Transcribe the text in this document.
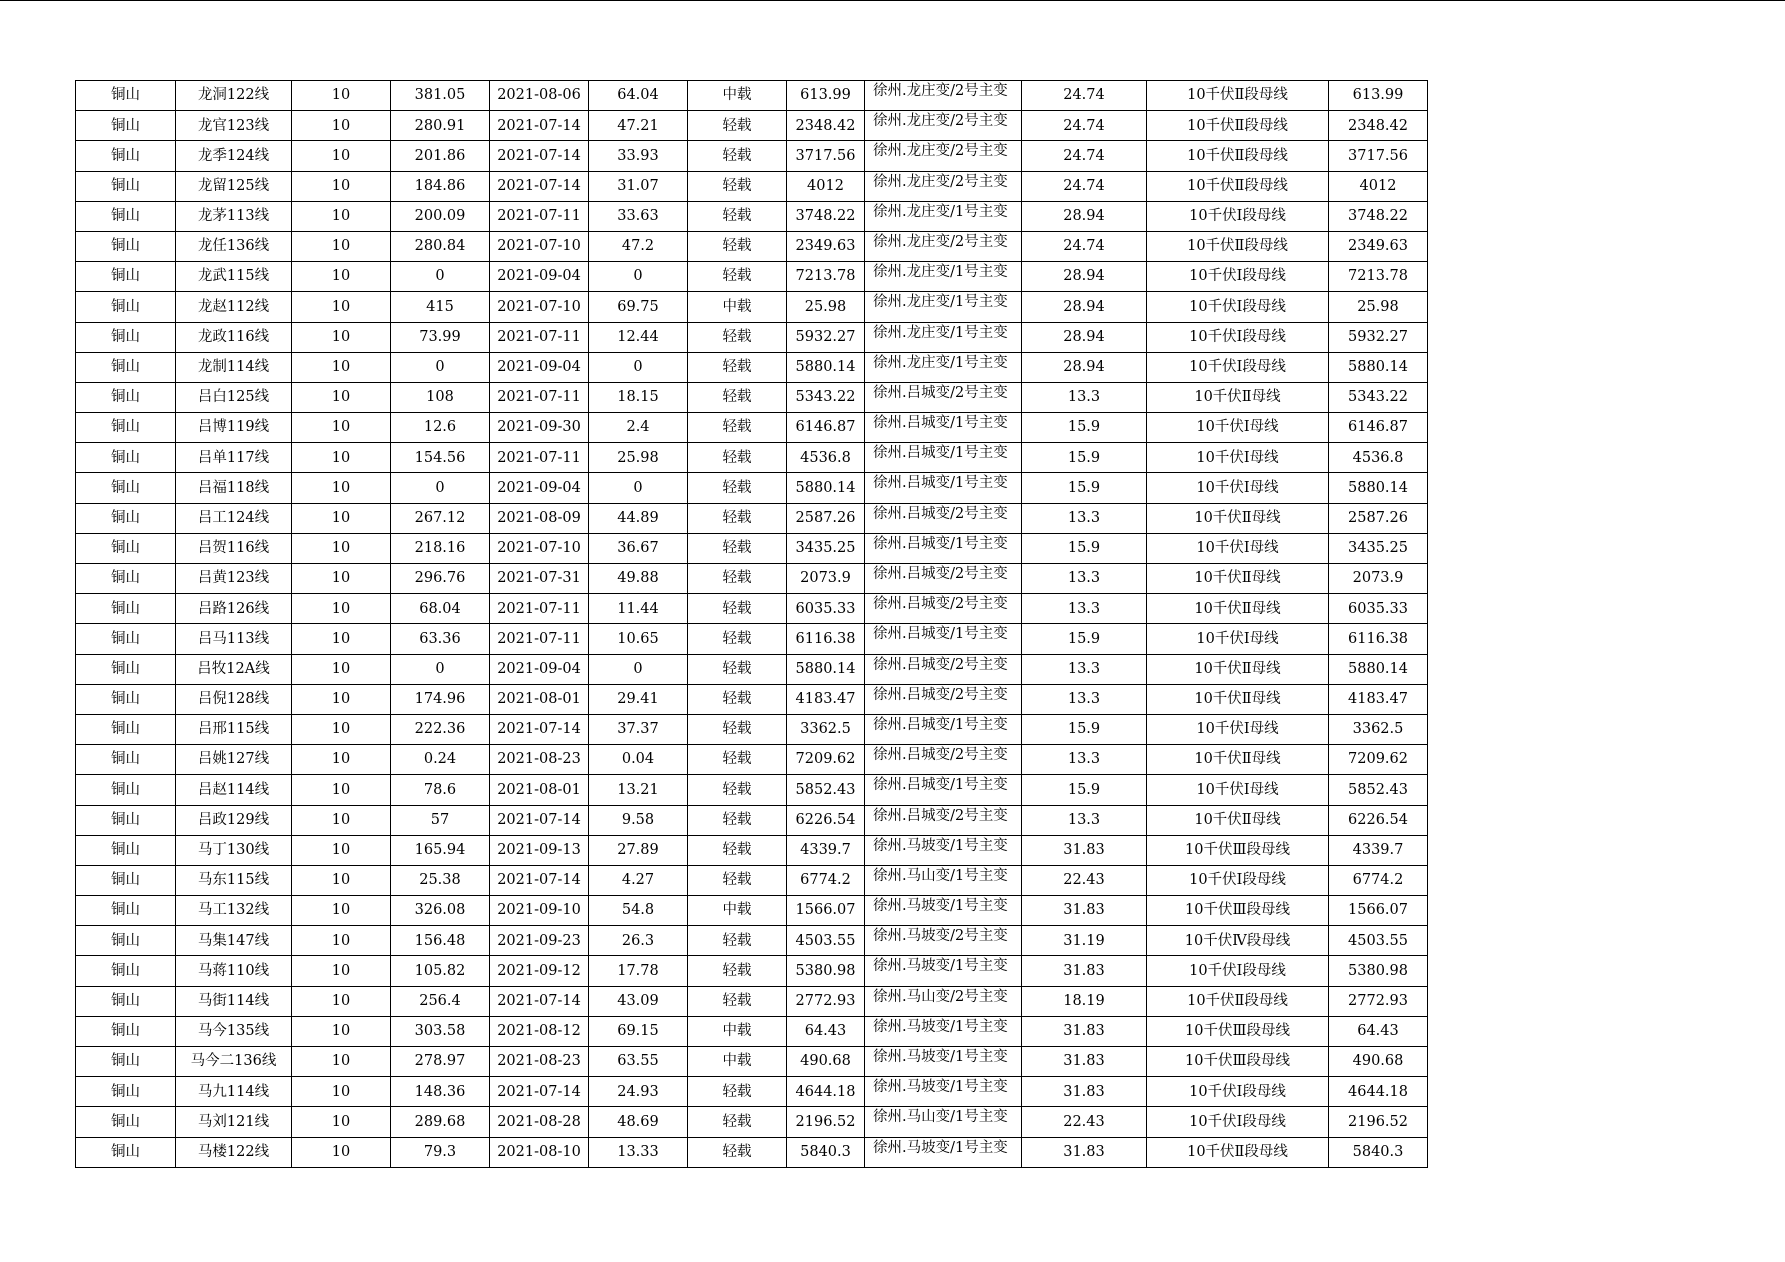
铜山	龙洞122线	10	381.05	2021-08-06	64.04	中载	613.99	徐州.龙庄变/2号主变	24.74	10千伏Ⅱ段母线	613.99
铜山	龙官123线	10	280.91	2021-07-14	47.21	轻载	2348.42	徐州.龙庄变/2号主变	24.74	10千伏Ⅱ段母线	2348.42
铜山	龙季124线	10	201.86	2021-07-14	33.93	轻载	3717.56	徐州.龙庄变/2号主变	24.74	10千伏Ⅱ段母线	3717.56
铜山	龙留125线	10	184.86	2021-07-14	31.07	轻载	4012	徐州.龙庄变/2号主变	24.74	10千伏Ⅱ段母线	4012
铜山	龙茅113线	10	200.09	2021-07-11	33.63	轻载	3748.22	徐州.龙庄变/1号主变	28.94	10千伏Ⅰ段母线	3748.22
铜山	龙任136线	10	280.84	2021-07-10	47.2	轻载	2349.63	徐州.龙庄变/2号主变	24.74	10千伏Ⅱ段母线	2349.63
铜山	龙武115线	10	0	2021-09-04	0	轻载	7213.78	徐州.龙庄变/1号主变	28.94	10千伏Ⅰ段母线	7213.78
铜山	龙赵112线	10	415	2021-07-10	69.75	中载	25.98	徐州.龙庄变/1号主变	28.94	10千伏Ⅰ段母线	25.98
铜山	龙政116线	10	73.99	2021-07-11	12.44	轻载	5932.27	徐州.龙庄变/1号主变	28.94	10千伏Ⅰ段母线	5932.27
铜山	龙制114线	10	0	2021-09-04	0	轻载	5880.14	徐州.龙庄变/1号主变	28.94	10千伏Ⅰ段母线	5880.14
铜山	吕白125线	10	108	2021-07-11	18.15	轻载	5343.22	徐州.吕城变/2号主变	13.3	10千伏Ⅱ母线	5343.22
铜山	吕博119线	10	12.6	2021-09-30	2.4	轻载	6146.87	徐州.吕城变/1号主变	15.9	10千伏Ⅰ母线	6146.87
铜山	吕单117线	10	154.56	2021-07-11	25.98	轻载	4536.8	徐州.吕城变/1号主变	15.9	10千伏Ⅰ母线	4536.8
铜山	吕福118线	10	0	2021-09-04	0	轻载	5880.14	徐州.吕城变/1号主变	15.9	10千伏Ⅰ母线	5880.14
铜山	吕工124线	10	267.12	2021-08-09	44.89	轻载	2587.26	徐州.吕城变/2号主变	13.3	10千伏Ⅱ母线	2587.26
铜山	吕贺116线	10	218.16	2021-07-10	36.67	轻载	3435.25	徐州.吕城变/1号主变	15.9	10千伏Ⅰ母线	3435.25
铜山	吕黄123线	10	296.76	2021-07-31	49.88	轻载	2073.9	徐州.吕城变/2号主变	13.3	10千伏Ⅱ母线	2073.9
铜山	吕路126线	10	68.04	2021-07-11	11.44	轻载	6035.33	徐州.吕城变/2号主变	13.3	10千伏Ⅱ母线	6035.33
铜山	吕马113线	10	63.36	2021-07-11	10.65	轻载	6116.38	徐州.吕城变/1号主变	15.9	10千伏Ⅰ母线	6116.38
铜山	吕牧12A线	10	0	2021-09-04	0	轻载	5880.14	徐州.吕城变/2号主变	13.3	10千伏Ⅱ母线	5880.14
铜山	吕倪128线	10	174.96	2021-08-01	29.41	轻载	4183.47	徐州.吕城变/2号主变	13.3	10千伏Ⅱ母线	4183.47
铜山	吕邢115线	10	222.36	2021-07-14	37.37	轻载	3362.5	徐州.吕城变/1号主变	15.9	10千伏Ⅰ母线	3362.5
铜山	吕姚127线	10	0.24	2021-08-23	0.04	轻载	7209.62	徐州.吕城变/2号主变	13.3	10千伏Ⅱ母线	7209.62
铜山	吕赵114线	10	78.6	2021-08-01	13.21	轻载	5852.43	徐州.吕城变/1号主变	15.9	10千伏Ⅰ母线	5852.43
铜山	吕政129线	10	57	2021-07-14	9.58	轻载	6226.54	徐州.吕城变/2号主变	13.3	10千伏Ⅱ母线	6226.54
铜山	马丁130线	10	165.94	2021-09-13	27.89	轻载	4339.7	徐州.马坡变/1号主变	31.83	10千伏Ⅲ段母线	4339.7
铜山	马东115线	10	25.38	2021-07-14	4.27	轻载	6774.2	徐州.马山变/1号主变	22.43	10千伏Ⅰ段母线	6774.2
铜山	马工132线	10	326.08	2021-09-10	54.8	中载	1566.07	徐州.马坡变/1号主变	31.83	10千伏Ⅲ段母线	1566.07
铜山	马集147线	10	156.48	2021-09-23	26.3	轻载	4503.55	徐州.马坡变/2号主变	31.19	10千伏Ⅳ段母线	4503.55
铜山	马蒋110线	10	105.82	2021-09-12	17.78	轻载	5380.98	徐州.马坡变/1号主变	31.83	10千伏Ⅰ段母线	5380.98
铜山	马街114线	10	256.4	2021-07-14	43.09	轻载	2772.93	徐州.马山变/2号主变	18.19	10千伏Ⅱ段母线	2772.93
铜山	马今135线	10	303.58	2021-08-12	69.15	中载	64.43	徐州.马坡变/1号主变	31.83	10千伏Ⅲ段母线	64.43
铜山	马今二136线	10	278.97	2021-08-23	63.55	中载	490.68	徐州.马坡变/1号主变	31.83	10千伏Ⅲ段母线	490.68
铜山	马九114线	10	148.36	2021-07-14	24.93	轻载	4644.18	徐州.马坡变/1号主变	31.83	10千伏Ⅰ段母线	4644.18
铜山	马刘121线	10	289.68	2021-08-28	48.69	轻载	2196.52	徐州.马山变/1号主变	22.43	10千伏Ⅰ段母线	2196.52
铜山	马楼122线	10	79.3	2021-08-10	13.33	轻载	5840.3	徐州.马坡变/1号主变	31.83	10千伏Ⅱ段母线	5840.3
